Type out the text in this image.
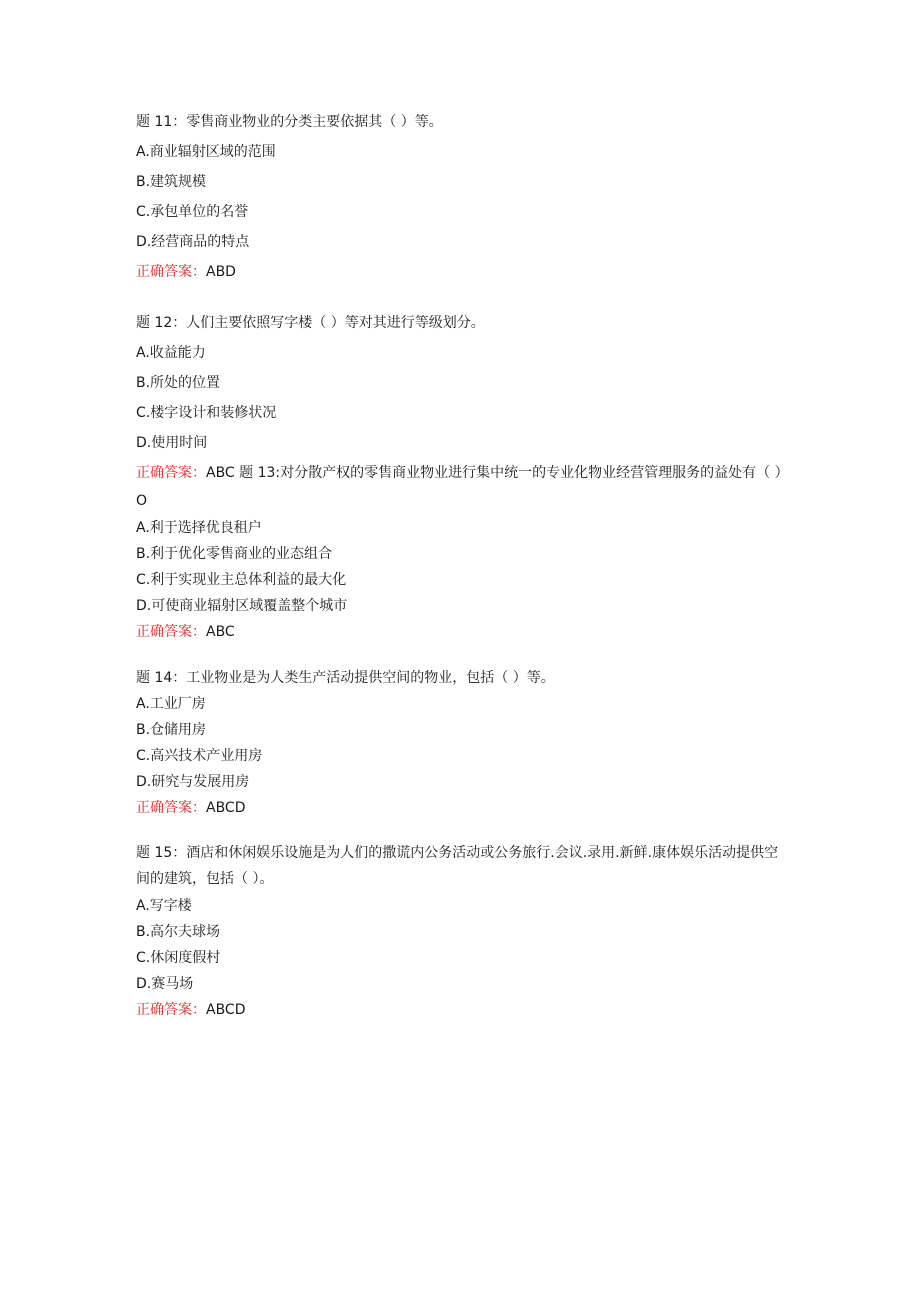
题 11：零售商业物业的分类主要依据其（ ）等。
A.商业辐射区域的范围
B.建筑规模
C.承包单位的名誉
D.经营商品的特点
正确答案：ABD
题 12：人们主要依照写字楼（ ）等对其进行等级划分。
A.收益能力
B.所处的位置
C.楼字设计和装修状况
D.使用时间
正确答案：ABC 题 13:对分散产权的零售商业物业进行集中统一的专业化物业经营管理服务的益处有（ ）O
A.利于选择优良租户
B.利于优化零售商业的业态组合
C.利于实现业主总体利益的最大化
D.可使商业辐射区域覆盖整个城市
正确答案：ABC
题 14：工业物业是为人类生产活动提供空间的物业，包括（ ）等。
A.工业厂房
B.仓储用房
C.高兴技术产业用房
D.研究与发展用房
正确答案：ABCD
题 15：酒店和休闲娱乐设施是为人们的撒谎内公务活动或公务旅行.会议.录用.新鲜.康体娱乐活动提供空间的建筑，包括（ ）。
A.写字楼
B.高尔夫球场
C.休闲度假村
D.赛马场
正确答案：ABCD
